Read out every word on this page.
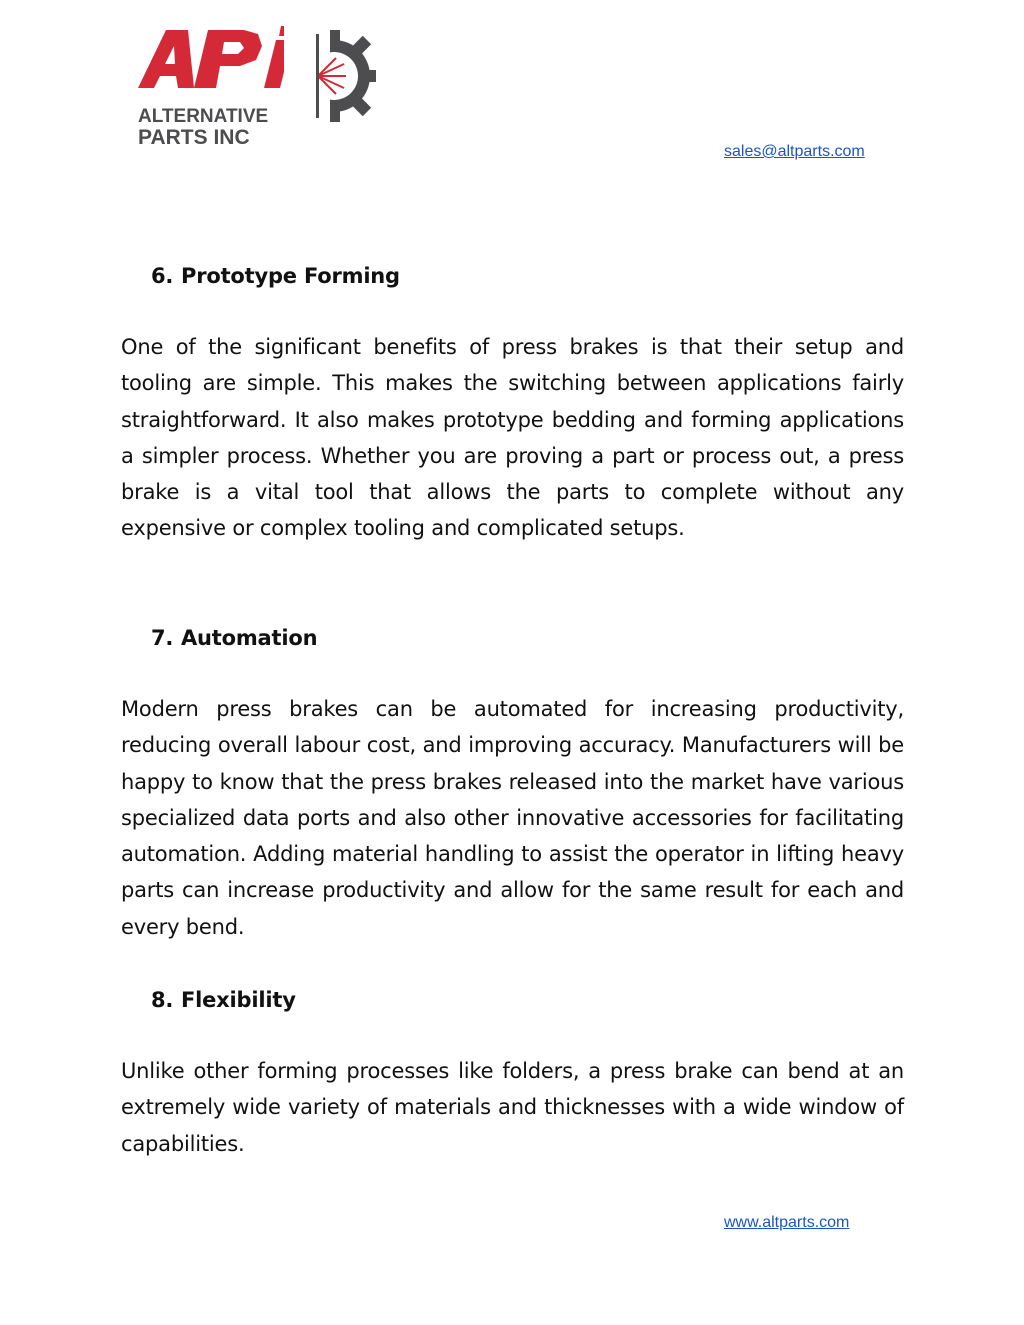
ALTERNATIVE
PARTS INC
sales@altparts.com
6. Prototype Forming
One of the significant benefits of press brakes is that their setup and tooling are simple. This makes the switching between applications fairly straightforward. It also makes prototype bedding and forming applications a simpler process. Whether you are proving a part or process out, a press brake is a vital tool that allows the parts to complete without any expensive or complex tooling and complicated setups.
7. Automation
Modern press brakes can be automated for increasing productivity, reducing overall labour cost, and improving accuracy. Manufacturers will be happy to know that the press brakes released into the market have various specialized data ports and also other innovative accessories for facilitating automation. Adding material handling to assist the operator in lifting heavy parts can increase productivity and allow for the same result for each and every bend.
8. Flexibility
Unlike other forming processes like folders, a press brake can bend at an extremely wide variety of materials and thicknesses with a wide window of capabilities.
www.altparts.com
